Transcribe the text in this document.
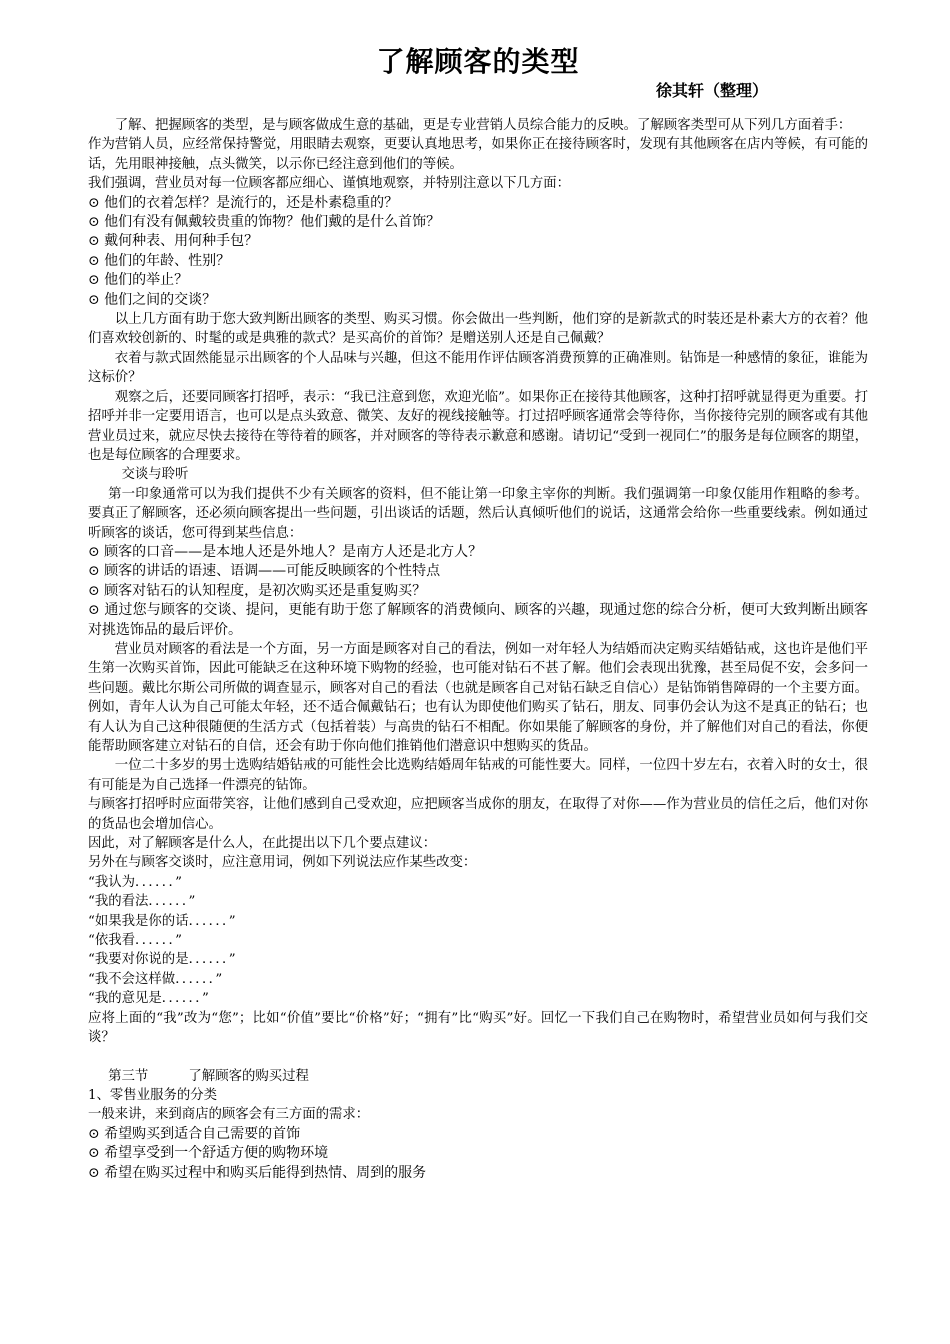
了解顾客的类型
徐其轩（整理）

了解、把握顾客的类型，是与顾客做成生意的基础，更是专业营销人员综合能力的反映。了解顾客类型可从下列几方面着手：

作为营销人员，应经常保持警觉，用眼睛去观察，更要认真地思考，如果你正在接待顾客时，发现有其他顾客在店内等候，有可能的话，先用眼神接触，点头微笑，以示你已经注意到他们的等候。

我们强调，营业员对每一位顾客都应细心、谨慎地观察，并特别注意以下几方面：

⊙ 他们的衣着怎样？是流行的，还是朴素稳重的？

⊙ 他们有没有佩戴较贵重的饰物？他们戴的是什么首饰？

⊙ 戴何种表、用何种手包？

⊙ 他们的年龄、性别？

⊙ 他们的举止？

⊙ 他们之间的交谈？

以上几方面有助于您大致判断出顾客的类型、购买习惯。你会做出一些判断，他们穿的是新款式的时装还是朴素大方的衣着？他们喜欢较创新的、时髦的或是典雅的款式？是买高价的首饰？是赠送别人还是自己佩戴？

衣着与款式固然能显示出顾客的个人品味与兴趣，但这不能用作评估顾客消费预算的正确准则。钻饰是一种感情的象征，谁能为这标价？

观察之后，还要同顾客打招呼，表示：“我已注意到您，欢迎光临”。如果你正在接待其他顾客，这种打招呼就显得更为重要。打招呼并非一定要用语言，也可以是点头致意、微笑、友好的视线接触等。打过招呼顾客通常会等待你，当你接待完别的顾客或有其他营业员过来，就应尽快去接待在等待着的顾客，并对顾客的等待表示歉意和感谢。请切记“受到一视同仁”的服务是每位顾客的期望，也是每位顾客的合理要求。

交谈与聆听

第一印象通常可以为我们提供不少有关顾客的资料，但不能让第一印象主宰你的判断。我们强调第一印象仅能用作粗略的参考。要真正了解顾客，还必须向顾客提出一些问题，引出谈话的话题，然后认真倾听他们的说话，这通常会给你一些重要线索。例如通过听顾客的谈话，您可得到某些信息：

⊙ 顾客的口音——是本地人还是外地人？是南方人还是北方人？

⊙ 顾客的讲话的语速、语调——可能反映顾客的个性特点

⊙ 顾客对钻石的认知程度，是初次购买还是重复购买？

⊙ 通过您与顾客的交谈、提问，更能有助于您了解顾客的消费倾向、顾客的兴趣，现通过您的综合分析，便可大致判断出顾客对挑选饰品的最后评价。

营业员对顾客的看法是一个方面，另一方面是顾客对自己的看法，例如一对年轻人为结婚而决定购买结婚钻戒，这也许是他们平生第一次购买首饰，因此可能缺乏在这种环境下购物的经验，也可能对钻石不甚了解。他们会表现出犹豫，甚至局促不安，会多问一些问题。戴比尔斯公司所做的调查显示，顾客对自己的看法（也就是顾客自己对钻石缺乏自信心）是钻饰销售障碍的一个主要方面。例如，青年人认为自己可能太年轻，还不适合佩戴钻石；也有认为即使他们购买了钻石，朋友、同事仍会认为这不是真正的钻石；也有人认为自己这种很随便的生活方式（包括着装）与高贵的钻石不相配。你如果能了解顾客的身份，并了解他们对自己的看法，你便能帮助顾客建立对钻石的自信，还会有助于你向他们推销他们潜意识中想购买的货品。

一位二十多岁的男士选购结婚钻戒的可能性会比选购结婚周年钻戒的可能性要大。同样，一位四十岁左右，衣着入时的女士，很有可能是为自己选择一件漂亮的钻饰。

与顾客打招呼时应面带笑容，让他们感到自己受欢迎，应把顾客当成你的朋友，在取得了对你——作为营业员的信任之后，他们对你的货品也会增加信心。

因此，对了解顾客是什么人，在此提出以下几个要点建议：

另外在与顾客交谈时，应注意用词，例如下列说法应作某些改变：

“我认为．．．．．．”

“我的看法．．．．．．”

“如果我是你的话．．．．．．”

“依我看．．．．．．”

“我要对你说的是．．．．．．”

“我不会这样做．．．．．．”

“我的意见是．．．．．．”

应将上面的“我”改为“您”；比如“价值”要比“价格”好；“拥有”比“购买”好。回忆一下我们自己在购物时，希望营业员如何与我们交谈？

第三节　　　了解顾客的购买过程

1、零售业服务的分类

一般来讲，来到商店的顾客会有三方面的需求：

⊙ 希望购买到适合自己需要的首饰

⊙ 希望享受到一个舒适方便的购物环境

⊙ 希望在购买过程中和购买后能得到热情、周到的服务
